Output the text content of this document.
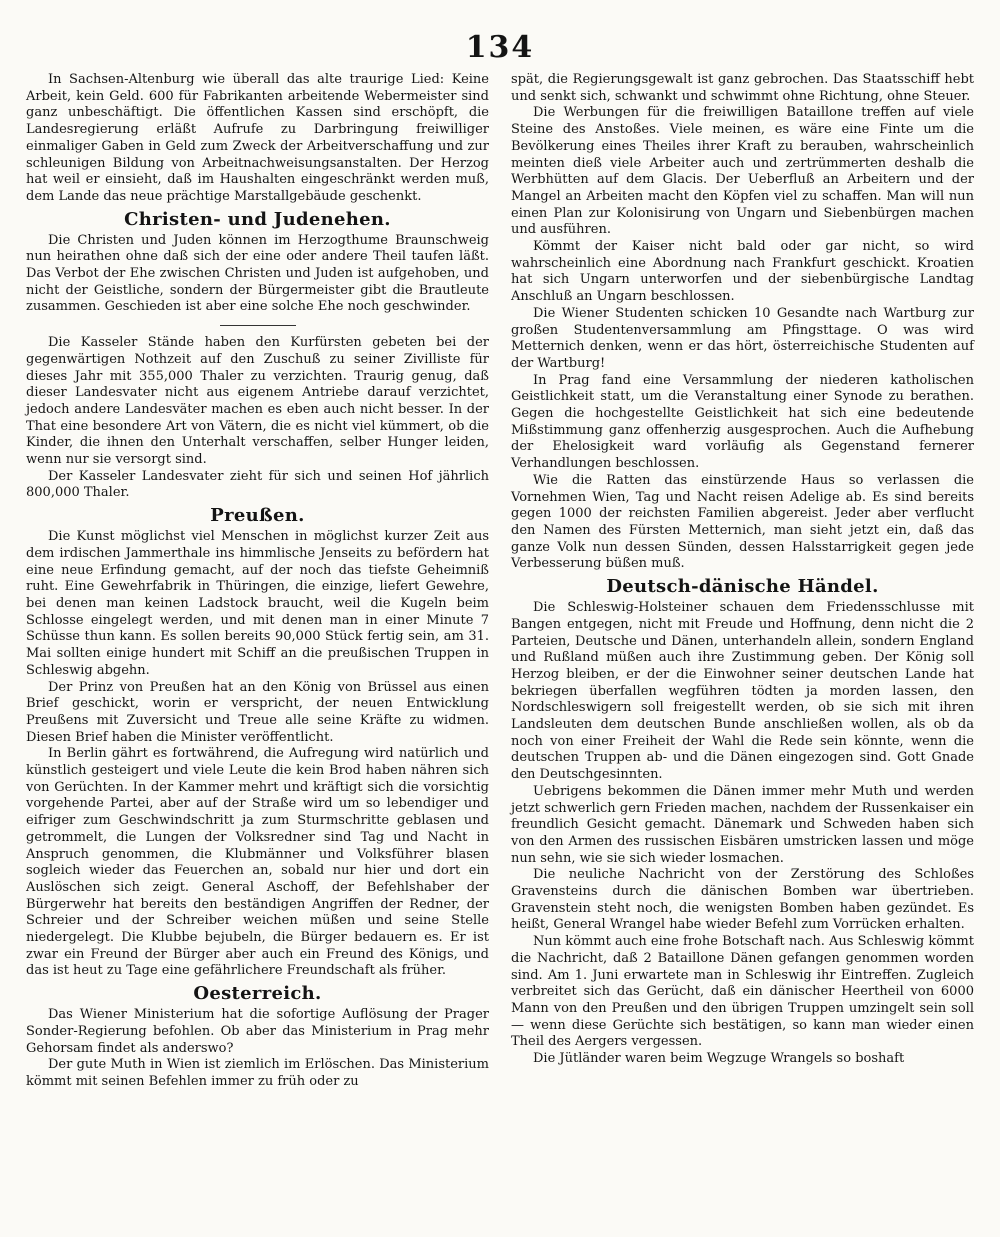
134

In Sachsen-Altenburg wie überall das alte traurige Lied: Keine Arbeit, kein Geld. 600 für Fabrikanten arbeitende Webermeister sind ganz unbeschäftigt. Die öffentlichen Kassen sind erschöpft, die Landesregierung erläßt Aufrufe zu Darbringung freiwilliger einmaliger Gaben in Geld zum Zweck der Arbeitverschaffung und zur schleunigen Bildung von Arbeitnachweisungsanstalten. Der Herzog hat weil er einsieht, daß im Haushalten eingeschränkt werden muß, dem Lande das neue prächtige Marstallgebäude geschenkt.

Christen- und Judenehen.

Die Christen und Juden können im Herzogthume Braunschweig nun heirathen ohne daß sich der eine oder andere Theil taufen läßt. Das Verbot der Ehe zwischen Christen und Juden ist aufgehoben, und nicht der Geistliche, sondern der Bürgermeister gibt die Brautleute zusammen. Geschieden ist aber eine solche Ehe noch geschwinder.

Die Kasseler Stände haben den Kurfürsten gebeten bei der gegenwärtigen Nothzeit auf den Zuschuß zu seiner Zivilliste für dieses Jahr mit 355,000 Thaler zu verzichten. Traurig genug, daß dieser Landesvater nicht aus eigenem Antriebe darauf verzichtet, jedoch andere Landesväter machen es eben auch nicht besser. In der That eine besondere Art von Vätern, die es nicht viel kümmert, ob die Kinder, die ihnen den Unterhalt verschaffen, selber Hunger leiden, wenn nur sie versorgt sind.

Der Kasseler Landesvater zieht für sich und seinen Hof jährlich 800,000 Thaler.

Preußen.

Die Kunst möglichst viel Menschen in möglichst kurzer Zeit aus dem irdischen Jammerthale ins himmlische Jenseits zu befördern hat eine neue Erfindung gemacht, auf der noch das tiefste Geheimniß ruht. Eine Gewehrfabrik in Thüringen, die einzige, liefert Gewehre, bei denen man keinen Ladstock braucht, weil die Kugeln beim Schlosse eingelegt werden, und mit denen man in einer Minute 7 Schüsse thun kann. Es sollen bereits 90,000 Stück fertig sein, am 31. Mai sollten einige hundert mit Schiff an die preußischen Truppen in Schleswig abgehn.

Der Prinz von Preußen hat an den König von Brüssel aus einen Brief geschickt, worin er verspricht, der neuen Entwicklung Preußens mit Zuversicht und Treue alle seine Kräfte zu widmen. Diesen Brief haben die Minister veröffentlicht.

In Berlin gährt es fortwährend, die Aufregung wird natürlich und künstlich gesteigert und viele Leute die kein Brod haben nähren sich von Gerüchten. In der Kammer mehrt und kräftigt sich die vorsichtig vorgehende Partei, aber auf der Straße wird um so lebendiger und eifriger zum Geschwindschritt ja zum Sturmschritte geblasen und getrommelt, die Lungen der Volksredner sind Tag und Nacht in Anspruch genommen, die Klubmänner und Volksführer blasen sogleich wieder das Feuerchen an, sobald nur hier und dort ein Auslöschen sich zeigt. General Aschoff, der Befehlshaber der Bürgerwehr hat bereits den beständigen Angriffen der Redner, der Schreier und der Schreiber weichen müßen und seine Stelle niedergelegt. Die Klubbe bejubeln, die Bürger bedauern es. Er ist zwar ein Freund der Bürger aber auch ein Freund des Königs, und das ist heut zu Tage eine gefährlichere Freundschaft als früher.

Oesterreich.

Das Wiener Ministerium hat die sofortige Auflösung der Prager Sonder-Regierung befohlen. Ob aber das Ministerium in Prag mehr Gehorsam findet als anderswo?

Der gute Muth in Wien ist ziemlich im Erlöschen. Das Ministerium kömmt mit seinen Befehlen immer zu früh oder zu

spät, die Regierungsgewalt ist ganz gebrochen. Das Staatsschiff hebt und senkt sich, schwankt und schwimmt ohne Richtung, ohne Steuer.

Die Werbungen für die freiwilligen Bataillone treffen auf viele Steine des Anstoßes. Viele meinen, es wäre eine Finte um die Bevölkerung eines Theiles ihrer Kraft zu berauben, wahrscheinlich meinten dieß viele Arbeiter auch und zertrümmerten deshalb die Werbhütten auf dem Glacis. Der Ueberfluß an Arbeitern und der Mangel an Arbeiten macht den Köpfen viel zu schaffen. Man will nun einen Plan zur Kolonisirung von Ungarn und Siebenbürgen machen und ausführen.

Kömmt der Kaiser nicht bald oder gar nicht, so wird wahrscheinlich eine Abordnung nach Frankfurt geschickt. Kroatien hat sich Ungarn unterworfen und der siebenbürgische Landtag Anschluß an Ungarn beschlossen.

Die Wiener Studenten schicken 10 Gesandte nach Wartburg zur großen Studentenversammlung am Pfingsttage. O was wird Metternich denken, wenn er das hört, österreichische Studenten auf der Wartburg!

In Prag fand eine Versammlung der niederen katholischen Geistlichkeit statt, um die Veranstaltung einer Synode zu berathen. Gegen die hochgestellte Geistlichkeit hat sich eine bedeutende Mißstimmung ganz offenherzig ausgesprochen. Auch die Aufhebung der Ehelosigkeit ward vorläufig als Gegenstand fernerer Verhandlungen beschlossen.

Wie die Ratten das einstürzende Haus so verlassen die Vornehmen Wien, Tag und Nacht reisen Adelige ab. Es sind bereits gegen 1000 der reichsten Familien abgereist. Jeder aber verflucht den Namen des Fürsten Metternich, man sieht jetzt ein, daß das ganze Volk nun dessen Sünden, dessen Halsstarrigkeit gegen jede Verbesserung büßen muß.

Deutsch-dänische Händel.

Die Schleswig-Holsteiner schauen dem Friedensschlusse mit Bangen entgegen, nicht mit Freude und Hoffnung, denn nicht die 2 Parteien, Deutsche und Dänen, unterhandeln allein, sondern England und Rußland müßen auch ihre Zustimmung geben. Der König soll Herzog bleiben, er der die Einwohner seiner deutschen Lande hat bekriegen überfallen wegführen tödten ja morden lassen, den Nordschleswigern soll freigestellt werden, ob sie sich mit ihren Landsleuten dem deutschen Bunde anschließen wollen, als ob da noch von einer Freiheit der Wahl die Rede sein könnte, wenn die deutschen Truppen ab- und die Dänen eingezogen sind. Gott Gnade den Deutschgesinnten.

Uebrigens bekommen die Dänen immer mehr Muth und werden jetzt schwerlich gern Frieden machen, nachdem der Russenkaiser ein freundlich Gesicht gemacht. Dänemark und Schweden haben sich von den Armen des russischen Eisbären umstricken lassen und möge nun sehn, wie sie sich wieder losmachen.

Die neuliche Nachricht von der Zerstörung des Schloßes Gravensteins durch die dänischen Bomben war übertrieben. Gravenstein steht noch, die wenigsten Bomben haben gezündet. Es heißt, General Wrangel habe wieder Befehl zum Vorrücken erhalten.

Nun kömmt auch eine frohe Botschaft nach. Aus Schleswig kömmt die Nachricht, daß 2 Bataillone Dänen gefangen genommen worden sind. Am 1. Juni erwartete man in Schleswig ihr Eintreffen. Zugleich verbreitet sich das Gerücht, daß ein dänischer Heertheil von 6000 Mann von den Preußen und den übrigen Truppen umzingelt sein soll — wenn diese Gerüchte sich bestätigen, so kann man wieder einen Theil des Aergers vergessen.

Die Jütländer waren beim Wegzuge Wrangels so boshaft
